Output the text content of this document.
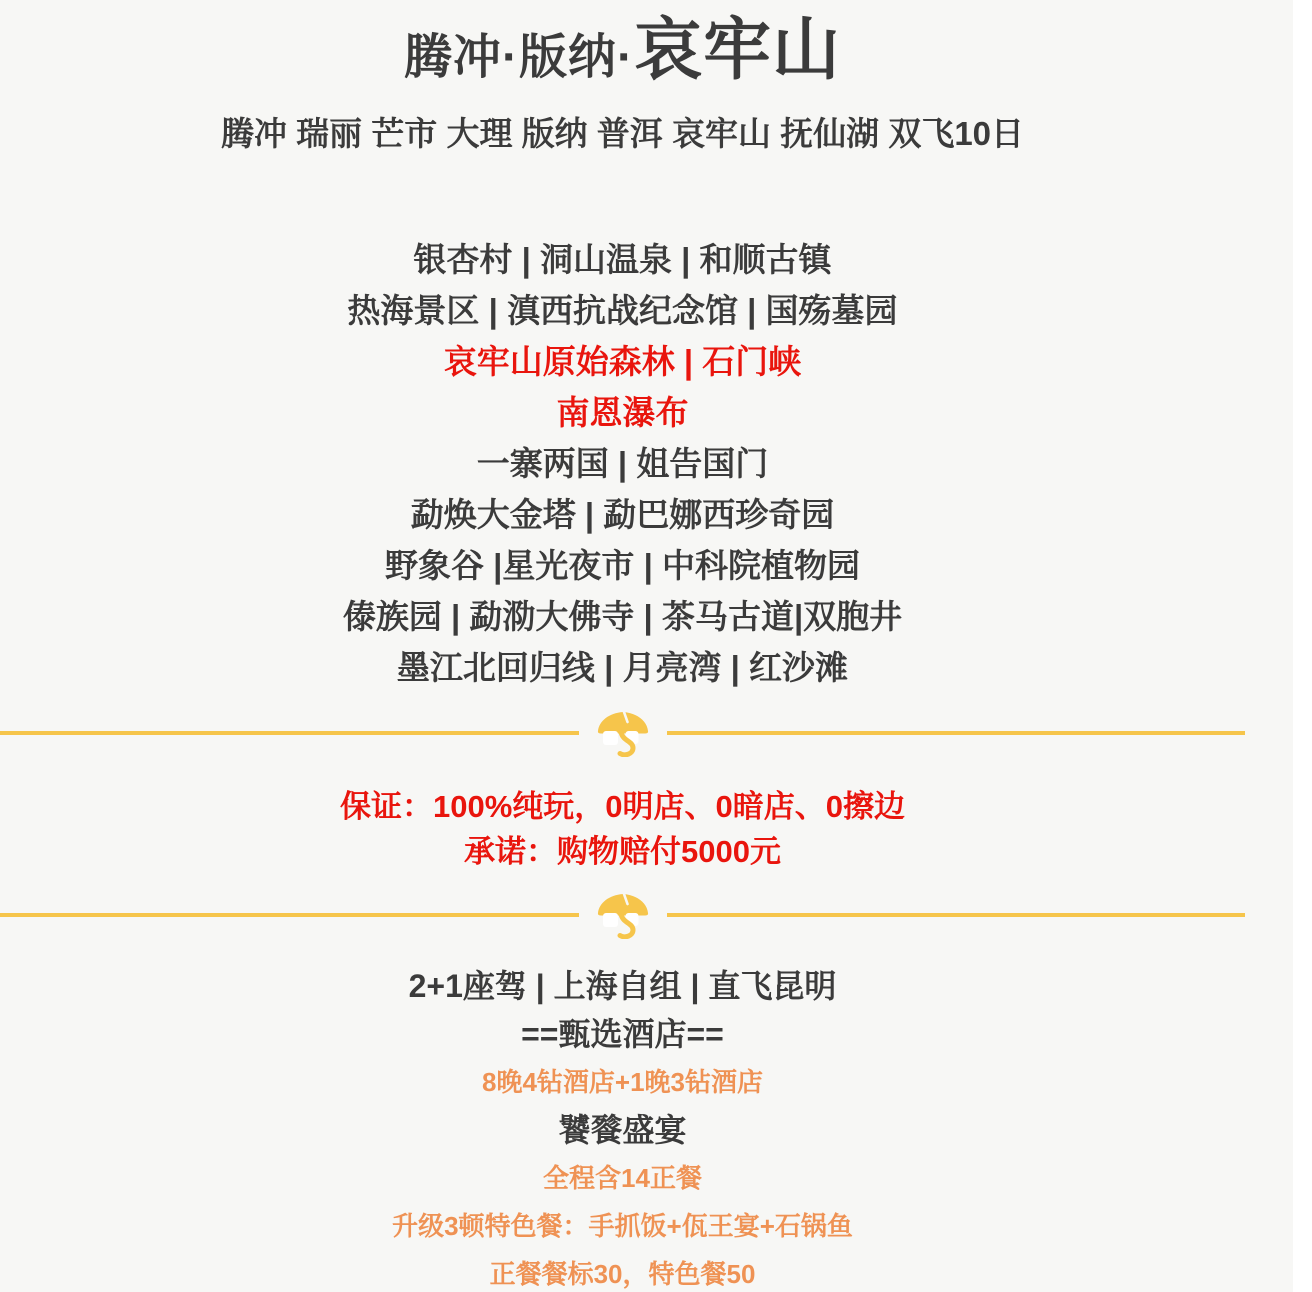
腾冲·版纳·哀牢山

腾冲 瑞丽 芒市 大理 版纳 普洱 哀牢山 抚仙湖 双飞10日

银杏村 | 洞山温泉 | 和顺古镇

热海景区 | 滇西抗战纪念馆 | 国殇墓园

哀牢山原始森林 | 石门峡

南恩瀑布

一寨两国 | 姐告国门

勐焕大金塔 | 勐巴娜西珍奇园

野象谷 |星光夜市 | 中科院植物园

傣族园 | 勐泐大佛寺 | 茶马古道|双胞井

墨江北回归线 | 月亮湾 | 红沙滩

保证：100%纯玩，0明店、0暗店、0擦边

承诺：购物赔付5000元

2+1座驾 | 上海自组 | 直飞昆明

==甄选酒店==

8晚4钻酒店+1晚3钻酒店

饕餮盛宴

全程含14正餐

升级3顿特色餐：手抓饭+佤王宴+石锅鱼

正餐餐标30，特色餐50
